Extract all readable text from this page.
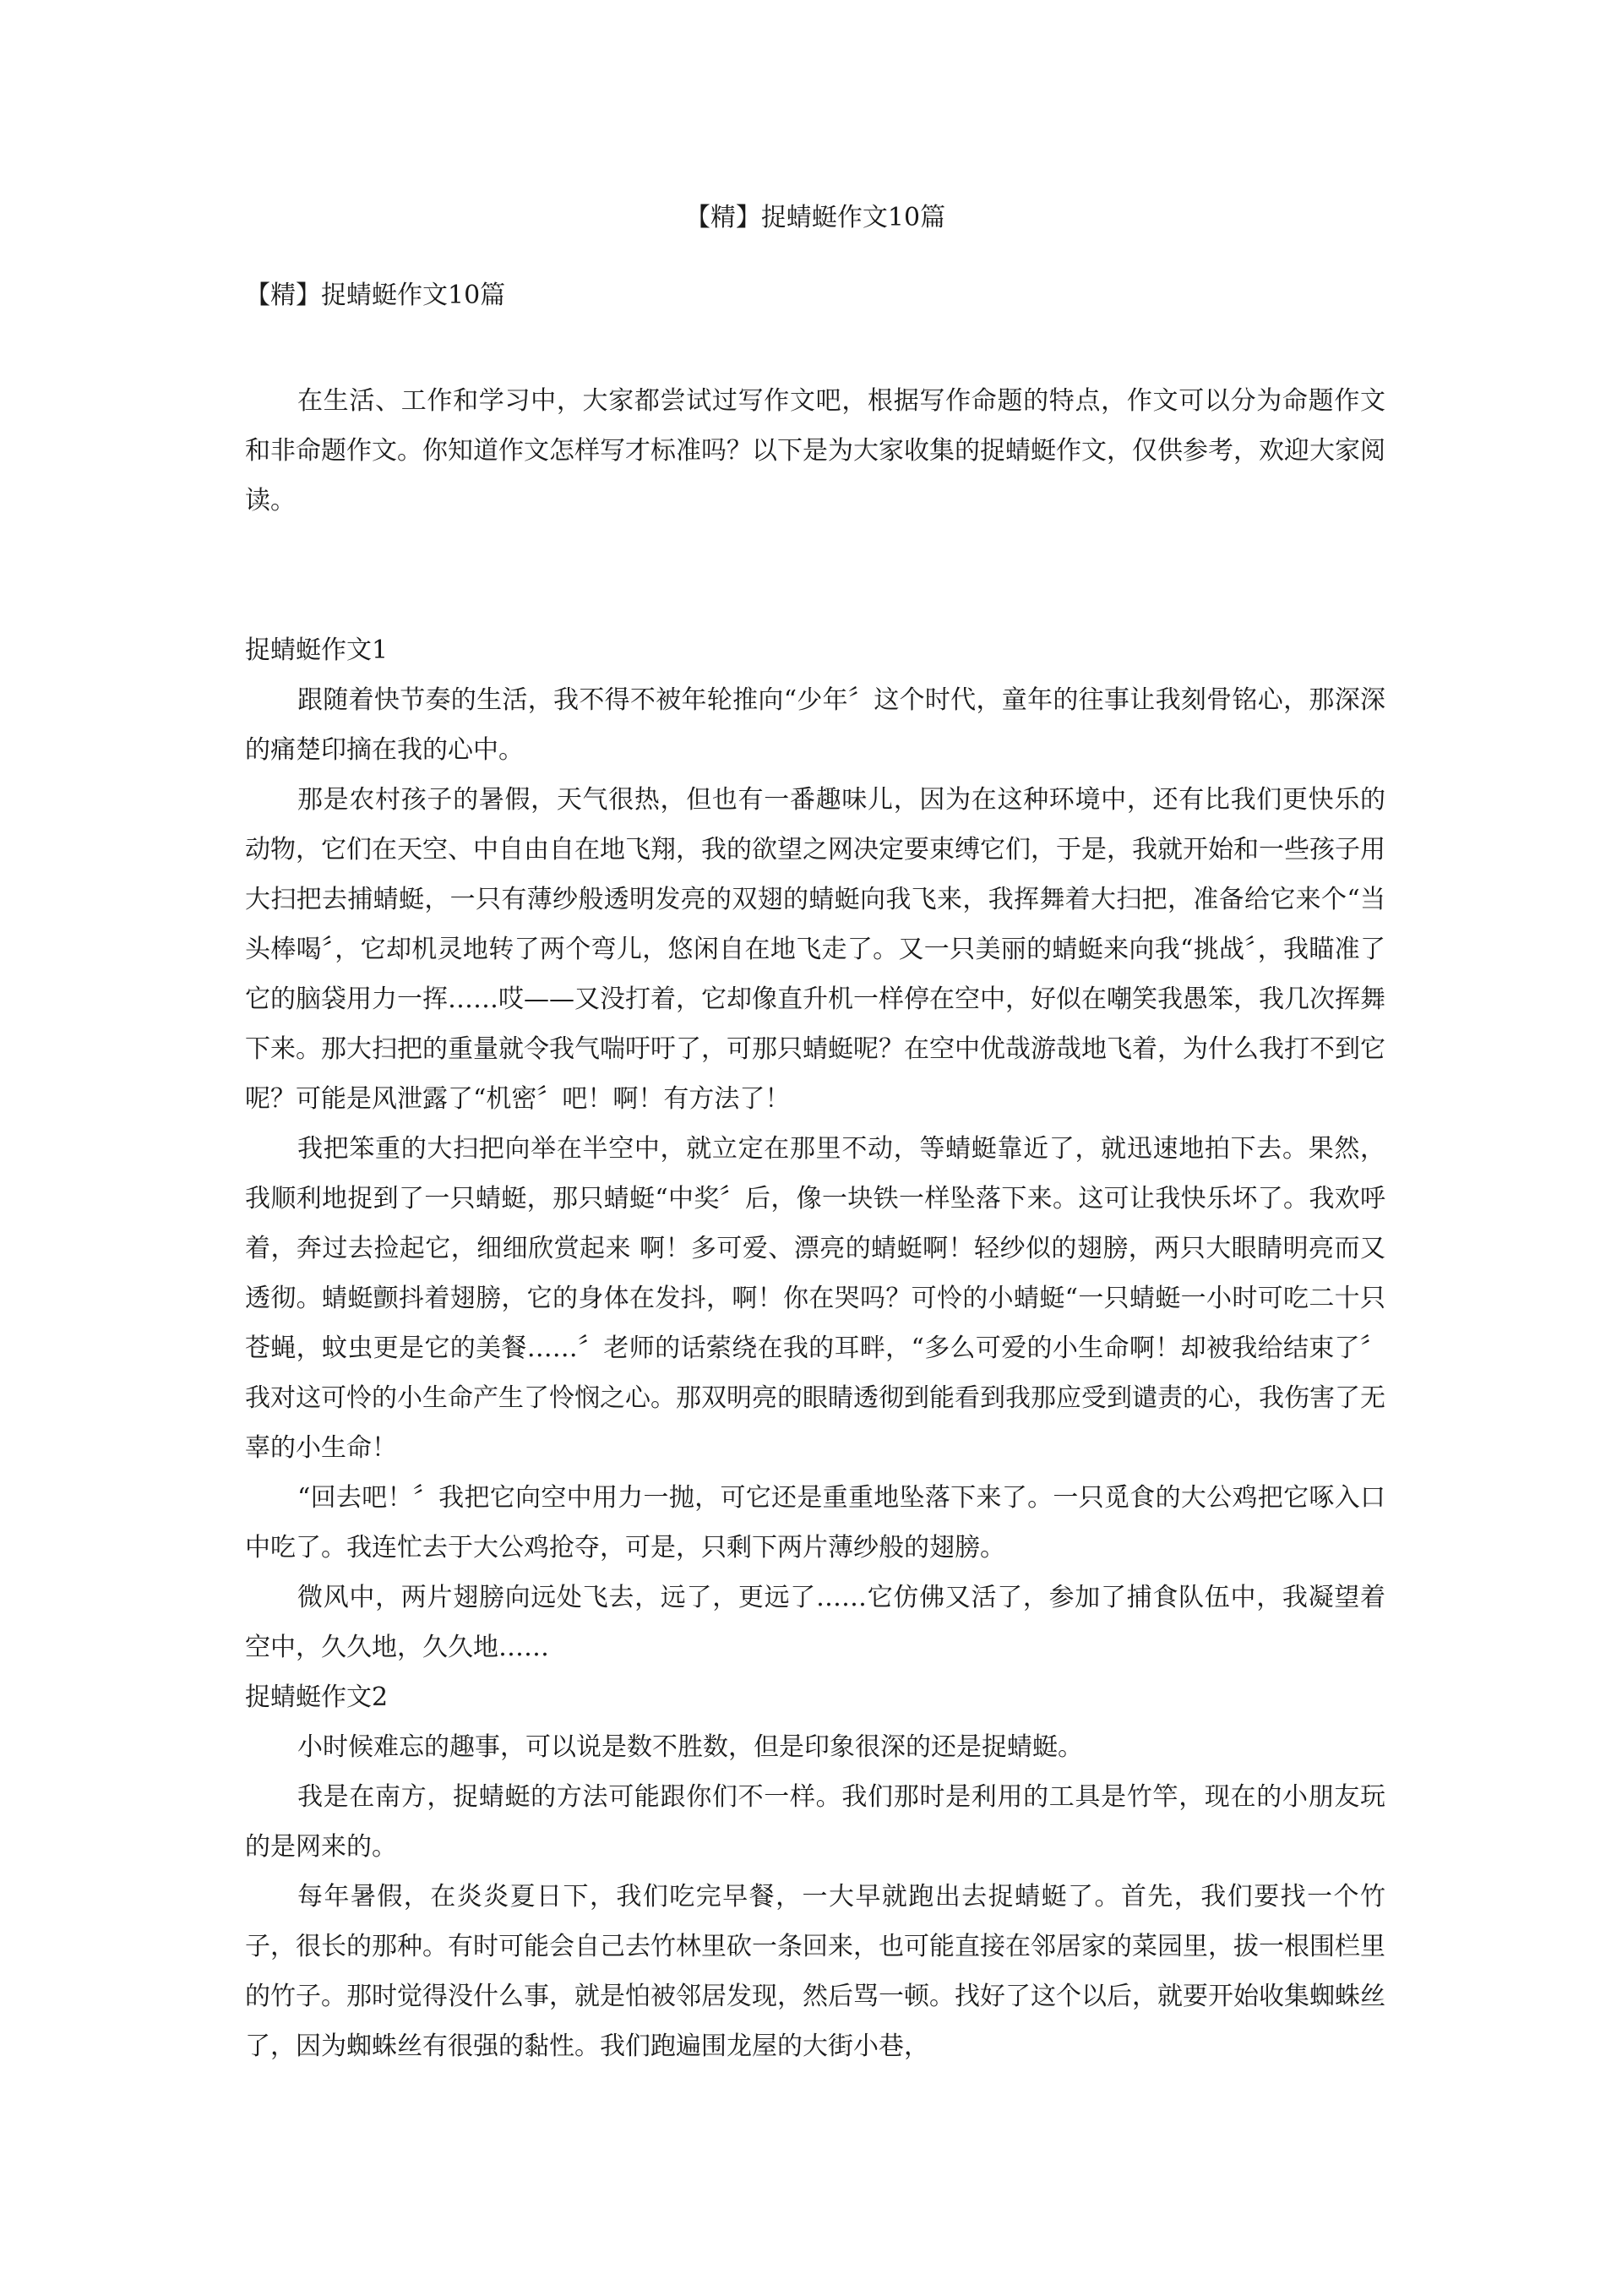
【精】捉蜻蜓作文10篇

【精】捉蜻蜓作文10篇

在生活、工作和学习中，大家都尝试过写作文吧，根据写作命题的特点，作文可以分为命题作文和非命题作文。你知道作文怎样写才标准吗？以下是为大家收集的捉蜻蜓作文，仅供参考，欢迎大家阅读。

捉蜻蜓作文1

跟随着快节奏的生活，我不得不被年轮推向“少年〞这个时代，童年的往事让我刻骨铭心，那深深的痛楚印摘在我的心中。

那是农村孩子的暑假，天气很热，但也有一番趣味儿，因为在这种环境中，还有比我们更快乐的动物，它们在天空、中自由自在地飞翔，我的欲望之网决定要束缚它们，于是，我就开始和一些孩子用大扫把去捕蜻蜓，一只有薄纱般透明发亮的双翅的蜻蜓向我飞来，我挥舞着大扫把，准备给它来个“当头棒喝〞，它却机灵地转了两个弯儿，悠闲自在地飞走了。又一只美丽的蜻蜓来向我“挑战〞，我瞄准了它的脑袋用力一挥……哎——又没打着，它却像直升机一样停在空中，好似在嘲笑我愚笨，我几次挥舞下来。那大扫把的重量就令我气喘吁吁了，可那只蜻蜓呢？在空中优哉游哉地飞着，为什么我打不到它呢？可能是风泄露了“机密〞吧！啊！有方法了！

我把笨重的大扫把向举在半空中，就立定在那里不动，等蜻蜓靠近了，就迅速地拍下去。果然，我顺利地捉到了一只蜻蜓，那只蜻蜓“中奖〞后，像一块铁一样坠落下来。这可让我快乐坏了。我欢呼着，奔过去捡起它，细细欣赏起来 啊！多可爱、漂亮的蜻蜓啊！轻纱似的翅膀，两只大眼睛明亮而又透彻。蜻蜓颤抖着翅膀，它的身体在发抖，啊！你在哭吗？可怜的小蜻蜓“一只蜻蜓一小时可吃二十只苍蝇，蚊虫更是它的美餐……〞老师的话萦绕在我的耳畔，“多么可爱的小生命啊！却被我给结束了〞我对这可怜的小生命产生了怜悯之心。那双明亮的眼睛透彻到能看到我那应受到谴责的心，我伤害了无辜的小生命！

“回去吧！〞我把它向空中用力一抛，可它还是重重地坠落下来了。一只觅食的大公鸡把它啄入口中吃了。我连忙去于大公鸡抢夺，可是，只剩下两片薄纱般的翅膀。

微风中，两片翅膀向远处飞去，远了，更远了……它仿佛又活了，参加了捕食队伍中，我凝望着空中，久久地，久久地……

捉蜻蜓作文2

小时候难忘的趣事，可以说是数不胜数，但是印象很深的还是捉蜻蜓。

我是在南方，捉蜻蜓的方法可能跟你们不一样。我们那时是利用的工具是竹竿，现在的小朋友玩的是网来的。

每年暑假，在炎炎夏日下，我们吃完早餐，一大早就跑出去捉蜻蜓了。首先，我们要找一个竹子，很长的那种。有时可能会自己去竹林里砍一条回来，也可能直接在邻居家的菜园里，拔一根围栏里的竹子。那时觉得没什么事，就是怕被邻居发现，然后骂一顿。找好了这个以后，就要开始收集蜘蛛丝了，因为蜘蛛丝有很强的黏性。我们跑遍围龙屋的大街小巷，
